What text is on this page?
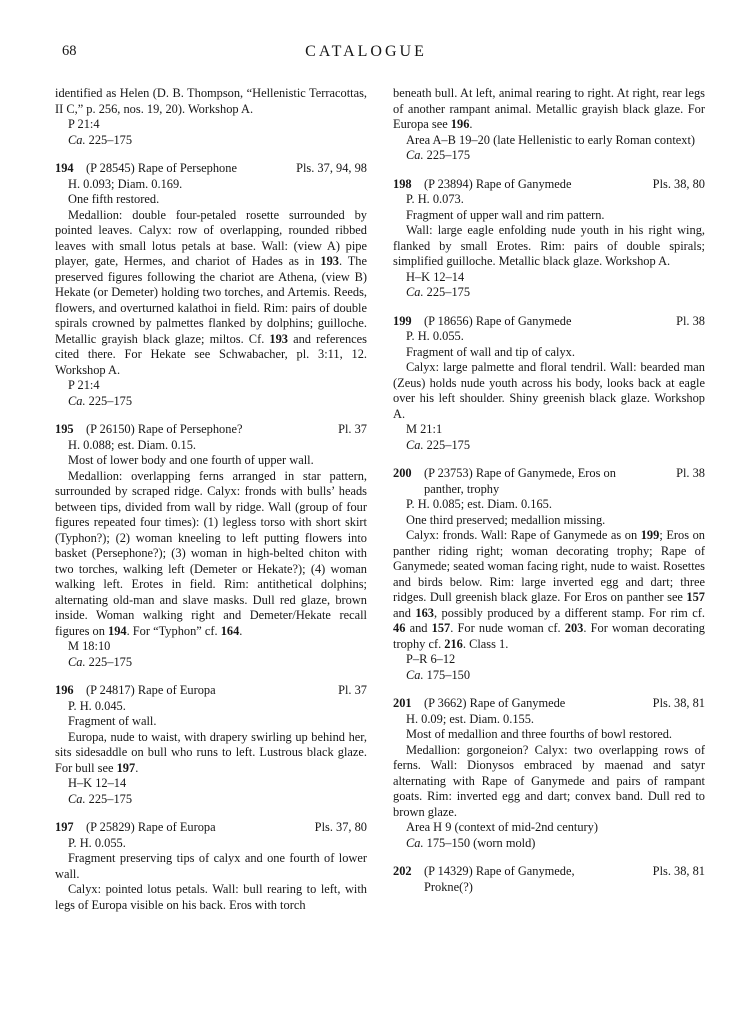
68	CATALOGUE

identified as Helen (D. B. Thompson, “Hellenistic Terracottas, II C,” p. 256, nos. 19, 20). Workshop A.

P 21:4

Ca. 225–175

194	(P 28545) Rape of Persephone	Pls. 37, 94, 98

H. 0.093; Diam. 0.169.

One fifth restored.

Medallion: double four-petaled rosette surrounded by pointed leaves. Calyx: row of overlapping, rounded ribbed leaves with small lotus petals at base. Wall: (view A) pipe player, gate, Hermes, and chariot of Hades as in 193. The preserved figures following the chariot are Athena, (view B) Hekate (or Demeter) holding two torches, and Artemis. Reeds, flowers, and overturned kalathoi in field. Rim: pairs of double spirals crowned by palmettes flanked by dolphins; guilloche. Metallic grayish black glaze; miltos. Cf. 193 and references cited there. For Hekate see Schwabacher, pl. 3:11, 12. Workshop A.

P 21:4

Ca. 225–175

195	(P 26150) Rape of Persephone?	Pl. 37

H. 0.088; est. Diam. 0.15.

Most of lower body and one fourth of upper wall.

Medallion: overlapping ferns arranged in star pattern, surrounded by scraped ridge. Calyx: fronds with bulls’ heads between tips, divided from wall by ridge. Wall (group of four figures repeated four times): (1) legless torso with short skirt (Typhon?); (2) woman kneeling to left putting flowers into basket (Persephone?); (3) woman in high-belted chiton with two torches, walking left (Demeter or Hekate?); (4) woman walking left. Erotes in field. Rim: antithetical dolphins; alternating old-man and slave masks. Dull red glaze, brown inside. Woman walking right and Demeter/Hekate recall figures on 194. For “Typhon” cf. 164.

M 18:10

Ca. 225–175

196	(P 24817) Rape of Europa	Pl. 37

P. H. 0.045.

Fragment of wall.

Europa, nude to waist, with drapery swirling up behind her, sits sidesaddle on bull who runs to left. Lustrous black glaze. For bull see 197.

H–K 12–14

Ca. 225–175

197	(P 25829) Rape of Europa	Pls. 37, 80

P. H. 0.055.

Fragment preserving tips of calyx and one fourth of lower wall.

Calyx: pointed lotus petals. Wall: bull rearing to left, with legs of Europa visible on his back. Eros with torch

beneath bull. At left, animal rearing to right. At right, rear legs of another rampant animal. Metallic grayish black glaze. For Europa see 196.

Area A–B 19–20 (late Hellenistic to early Roman context)

Ca. 225–175

198	(P 23894) Rape of Ganymede	Pls. 38, 80

P. H. 0.073.

Fragment of upper wall and rim pattern.

Wall: large eagle enfolding nude youth in his right wing, flanked by small Erotes. Rim: pairs of double spirals; simplified guilloche. Metallic black glaze. Workshop A.

H–K 12–14

Ca. 225–175

199	(P 18656) Rape of Ganymede	Pl. 38

P. H. 0.055.

Fragment of wall and tip of calyx.

Calyx: large palmette and floral tendril. Wall: bearded man (Zeus) holds nude youth across his body, looks back at eagle over his left shoulder. Shiny greenish black glaze. Workshop A.

M 21:1

Ca. 225–175

200	(P 23753) Rape of Ganymede, Eros on
panther, trophy
Pl. 38

P. H. 0.085; est. Diam. 0.165.

One third preserved; medallion missing.

Calyx: fronds. Wall: Rape of Ganymede as on 199; Eros on panther riding right; woman decorating trophy; Rape of Ganymede; seated woman facing right, nude to waist. Rosettes and birds below. Rim: large inverted egg and dart; three ridges. Dull greenish black glaze. For Eros on panther see 157 and 163, possibly produced by a different stamp. For rim cf. 46 and 157. For nude woman cf. 203. For woman decorating trophy cf. 216. Class 1.

P–R 6–12

Ca. 175–150

201	(P 3662) Rape of Ganymede	Pls. 38, 81

H. 0.09; est. Diam. 0.155.

Most of medallion and three fourths of bowl restored.

Medallion: gorgoneion? Calyx: two overlapping rows of ferns. Wall: Dionysos embraced by maenad and satyr alternating with Rape of Ganymede and pairs of rampant goats. Rim: inverted egg and dart; convex band. Dull red to brown glaze.

Area H 9 (context of mid-2nd century)

Ca. 175–150 (worn mold)

202	(P 14329) Rape of Ganymede,
Prokne(?)
Pls. 38, 81
